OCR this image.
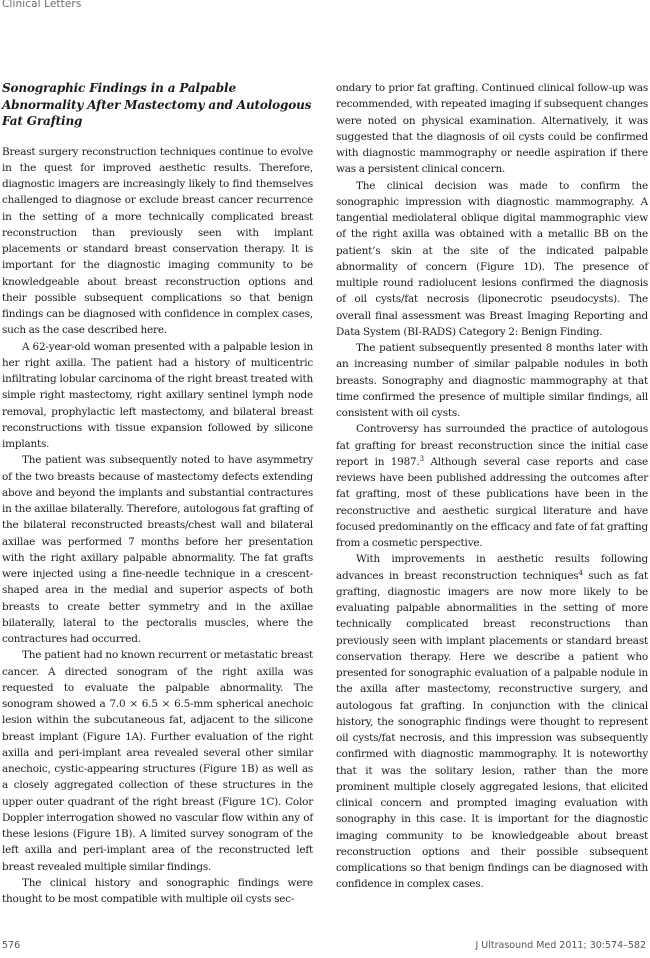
Clinical Letters
Sonographic Findings in a Palpable Abnormality After Mastectomy and Autologous Fat Grafting

Breast surgery reconstruction techniques continue to evolve in the quest for improved aesthetic results. Therefore, diagnostic imagers are increasingly likely to find themselves challenged to diagnose or exclude breast cancer recurrence in the setting of a more technically complicated breast reconstruction than previously seen with implant placements or standard breast conservation therapy. It is important for the diagnostic imaging community to be knowledgeable about breast reconstruction options and their possible subsequent complications so that benign findings can be diagnosed with confidence in complex cases, such as the case described here.

A 62-year-old woman presented with a palpable lesion in her right axilla. The patient had a history of multicentric infiltrating lobular carcinoma of the right breast treated with simple right mastectomy, right axillary sentinel lymph node removal, prophylactic left mastectomy, and bilateral breast reconstructions with tissue expansion followed by silicone implants.

The patient was subsequently noted to have asymmetry of the two breasts because of mastectomy defects extending above and beyond the implants and substantial contractures in the axillae bilaterally. Therefore, autologous fat grafting of the bilateral reconstructed breasts/chest wall and bilateral axillae was performed 7 months before her presentation with the right axillary palpable abnormality. The fat grafts were injected using a fine-needle technique in a crescent-shaped area in the medial and superior aspects of both breasts to create better symmetry and in the axillae bilaterally, lateral to the pectoralis muscles, where the contractures had occurred.

The patient had no known recurrent or metastatic breast cancer. A directed sonogram of the right axilla was requested to evaluate the palpable abnormality. The sonogram showed a 7.0 × 6.5 × 6.5-mm spherical anechoic lesion within the subcutaneous fat, adjacent to the silicone breast implant (Figure 1A). Further evaluation of the right axilla and peri-implant area revealed several other similar anechoic, cystic-appearing structures (Figure 1B) as well as a closely aggregated collection of these structures in the upper outer quadrant of the right breast (Figure 1C). Color Doppler interrogation showed no vascular flow within any of these lesions (Figure 1B). A limited survey sonogram of the left axilla and peri-implant area of the reconstructed left breast revealed multiple similar findings.

The clinical history and sonographic findings were thought to be most compatible with multiple oil cysts sec-

ondary to prior fat grafting. Continued clinical follow-up was recommended, with repeated imaging if subsequent changes were noted on physical examination. Alternatively, it was suggested that the diagnosis of oil cysts could be confirmed with diagnostic mammography or needle aspiration if there was a persistent clinical concern.

The clinical decision was made to confirm the sonographic impression with diagnostic mammography. A tangential mediolateral oblique digital mammographic view of the right axilla was obtained with a metallic BB on the patient’s skin at the site of the indicated palpable abnormality of concern (Figure 1D). The presence of multiple round radiolucent lesions confirmed the diagnosis of oil cysts/fat necrosis (liponecrotic pseudocysts). The overall final assessment was Breast Imaging Reporting and Data System (BI-RADS) Category 2: Benign Finding.

The patient subsequently presented 8 months later with an increasing number of similar palpable nodules in both breasts. Sonography and diagnostic mammography at that time confirmed the presence of multiple similar findings, all consistent with oil cysts.

Controversy has surrounded the practice of autologous fat grafting for breast reconstruction since the initial case report in 1987.$^3$ Although several case reports and case reviews have been published addressing the outcomes after fat grafting, most of these publications have been in the reconstructive and aesthetic surgical literature and have focused predominantly on the efficacy and fate of fat grafting from a cosmetic perspective.

With improvements in aesthetic results following advances in breast reconstruction techniques$^4$ such as fat grafting, diagnostic imagers are now more likely to be evaluating palpable abnormalities in the setting of more technically complicated breast reconstructions than previously seen with implant placements or standard breast conservation therapy. Here we describe a patient who presented for sonographic evaluation of a palpable nodule in the axilla after mastectomy, reconstructive surgery, and autologous fat grafting. In conjunction with the clinical history, the sonographic findings were thought to represent oil cysts/fat necrosis, and this impression was subsequently confirmed with diagnostic mammography. It is noteworthy that it was the solitary lesion, rather than the more prominent multiple closely aggregated lesions, that elicited clinical concern and prompted imaging evaluation with sonography in this case. It is important for the diagnostic imaging community to be knowledgeable about breast reconstruction options and their possible subsequent complications so that benign findings can be diagnosed with confidence in complex cases.

576	J Ultrasound Med 2011; 30:574–582
